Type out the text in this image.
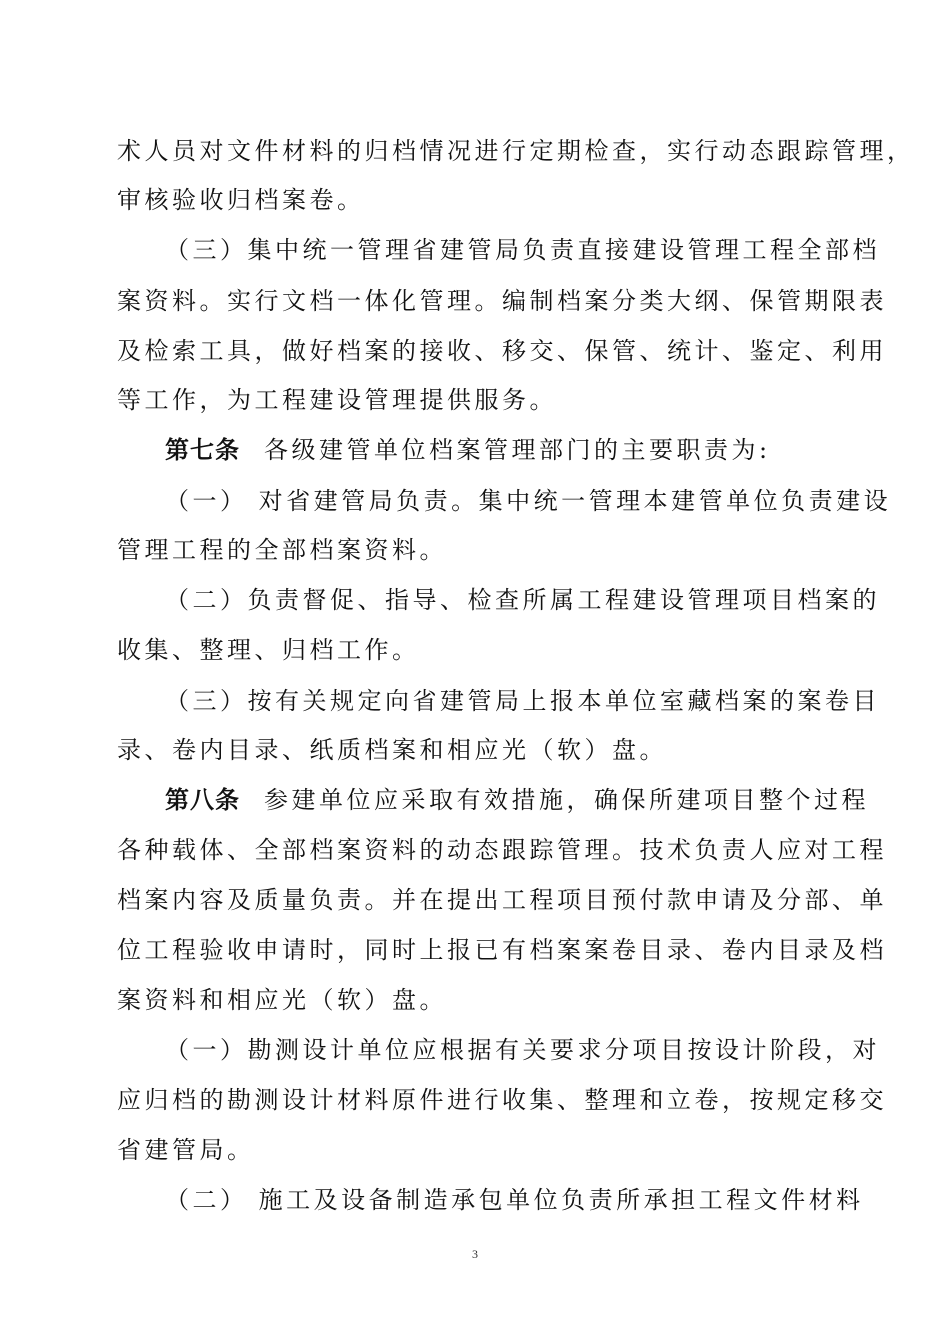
术人员对文件材料的归档情况进行定期检查，实行动态跟踪管理，
审核验收归档案卷。
（三）集中统一管理省建管局负责直接建设管理工程全部档
案资料。实行文档一体化管理。编制档案分类大纲、保管期限表
及检索工具，做好档案的接收、移交、保管、统计、鉴定、利用
等工作，为工程建设管理提供服务。
第七条 各级建管单位档案管理部门的主要职责为:
（一） 对省建管局负责。集中统一管理本建管单位负责建设
管理工程的全部档案资料。
（二）负责督促、指导、检查所属工程建设管理项目档案的
收集、整理、归档工作。
（三）按有关规定向省建管局上报本单位室藏档案的案卷目
录、卷内目录、纸质档案和相应光（软）盘。
第八条 参建单位应采取有效措施，确保所建项目整个过程
各种载体、全部档案资料的动态跟踪管理。技术负责人应对工程
档案内容及质量负责。并在提出工程项目预付款申请及分部、单
位工程验收申请时，同时上报已有档案案卷目录、卷内目录及档
案资料和相应光（软）盘。
（一）勘测设计单位应根据有关要求分项目按设计阶段，对
应归档的勘测设计材料原件进行收集、整理和立卷，按规定移交
省建管局。
（二） 施工及设备制造承包单位负责所承担工程文件材料
3
